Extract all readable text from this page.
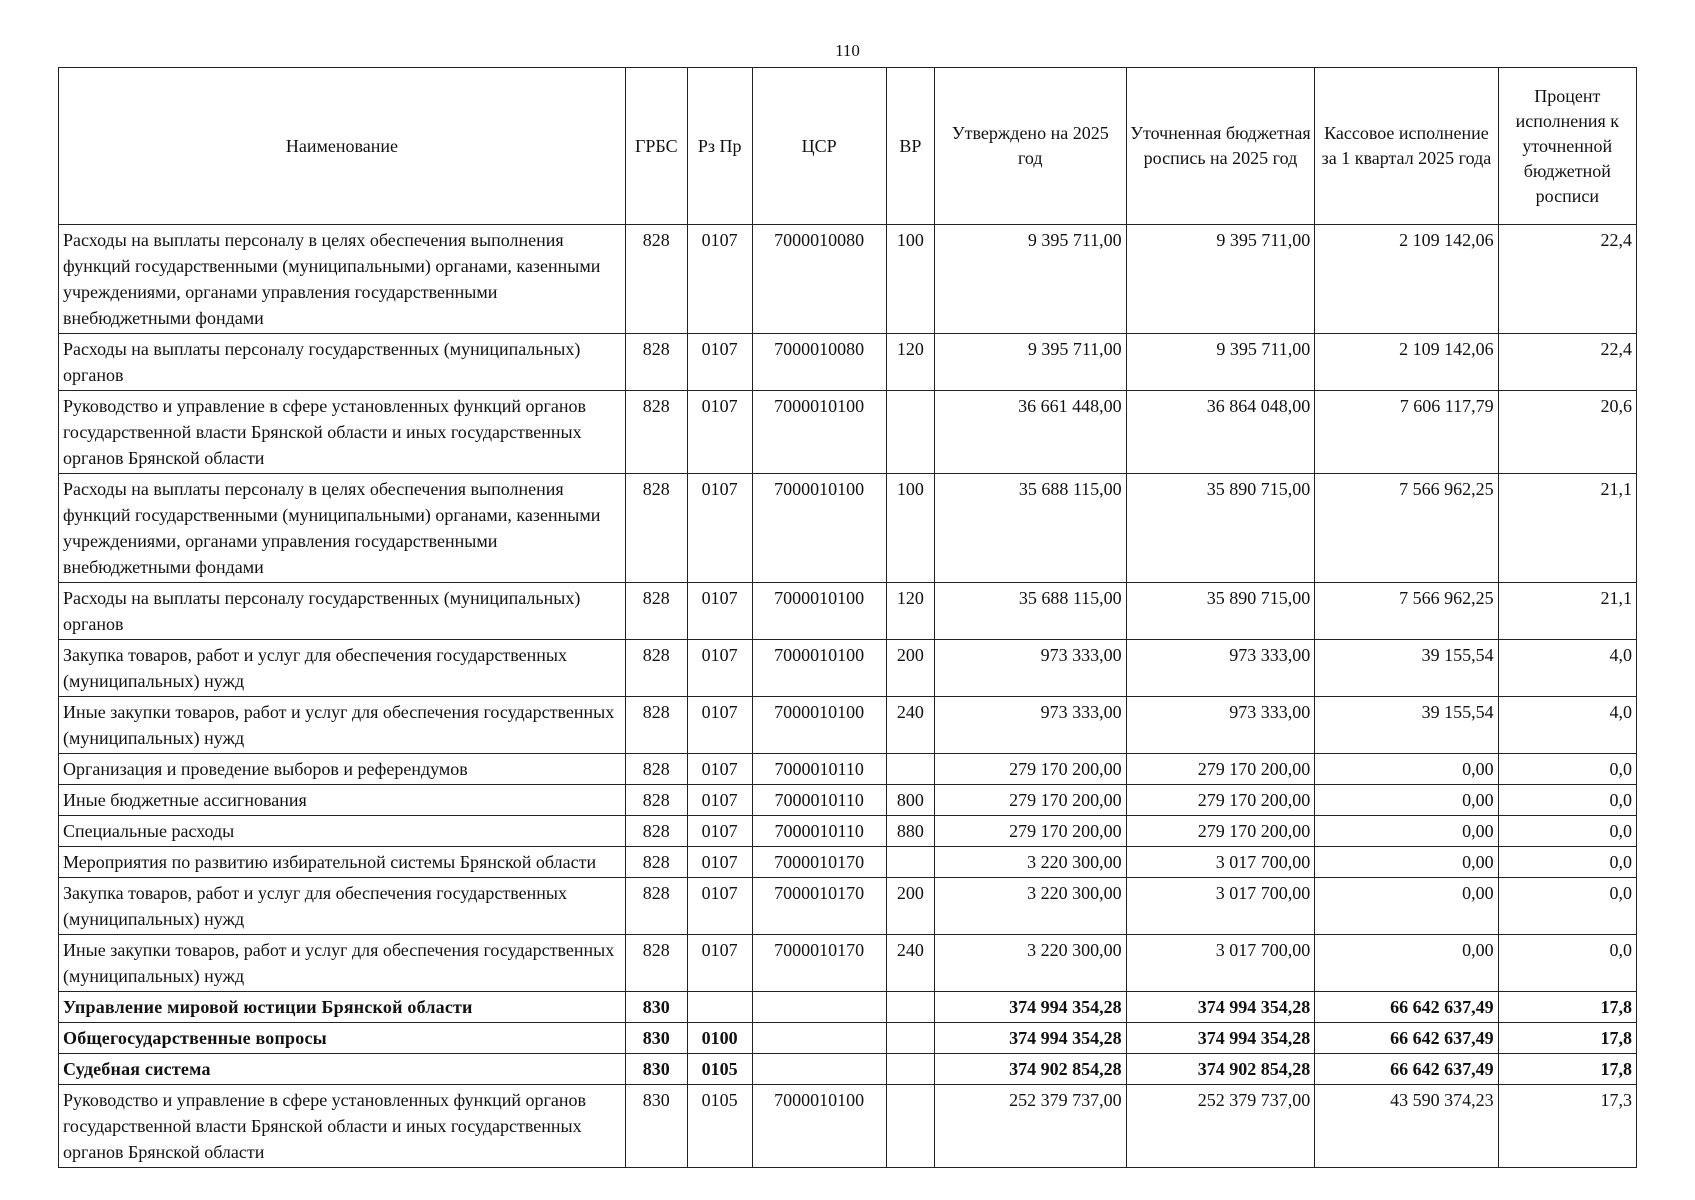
110
Наименование	ГРБС	Рз Пр	ЦСР	ВР	Утверждено на 2025 год	Уточненная бюджетная роспись на 2025 год	Кассовое исполнение за 1 квартал 2025 года	Процент исполнения к уточненной бюджетной росписи
Расходы на выплаты персоналу в целях обеспечения выполнения функций государственными (муниципальными) органами, казенными учреждениями, органами управления государственными внебюджетными фондами	828	0107	7000010080	100	9 395 711,00	9 395 711,00	2 109 142,06	22,4
Расходы на выплаты персоналу государственных (муниципальных) органов	828	0107	7000010080	120	9 395 711,00	9 395 711,00	2 109 142,06	22,4
Руководство и управление в сфере установленных функций органов государственной власти Брянской области и иных государственных органов Брянской области	828	0107	7000010100		36 661 448,00	36 864 048,00	7 606 117,79	20,6
Расходы на выплаты персоналу в целях обеспечения выполнения функций государственными (муниципальными) органами, казенными учреждениями, органами управления государственными внебюджетными фондами	828	0107	7000010100	100	35 688 115,00	35 890 715,00	7 566 962,25	21,1
Расходы на выплаты персоналу государственных (муниципальных) органов	828	0107	7000010100	120	35 688 115,00	35 890 715,00	7 566 962,25	21,1
Закупка товаров, работ и услуг для обеспечения государственных (муниципальных) нужд	828	0107	7000010100	200	973 333,00	973 333,00	39 155,54	4,0
Иные закупки товаров, работ и услуг для обеспечения государственных (муниципальных) нужд	828	0107	7000010100	240	973 333,00	973 333,00	39 155,54	4,0
Организация и проведение выборов и референдумов	828	0107	7000010110		279 170 200,00	279 170 200,00	0,00	0,0
Иные бюджетные ассигнования	828	0107	7000010110	800	279 170 200,00	279 170 200,00	0,00	0,0
Специальные расходы	828	0107	7000010110	880	279 170 200,00	279 170 200,00	0,00	0,0
Мероприятия по развитию избирательной системы Брянской области	828	0107	7000010170		3 220 300,00	3 017 700,00	0,00	0,0
Закупка товаров, работ и услуг для обеспечения государственных (муниципальных) нужд	828	0107	7000010170	200	3 220 300,00	3 017 700,00	0,00	0,0
Иные закупки товаров, работ и услуг для обеспечения государственных (муниципальных) нужд	828	0107	7000010170	240	3 220 300,00	3 017 700,00	0,00	0,0
Управление мировой юстиции Брянской области	830				374 994 354,28	374 994 354,28	66 642 637,49	17,8
Общегосударственные вопросы	830	0100			374 994 354,28	374 994 354,28	66 642 637,49	17,8
Судебная система	830	0105			374 902 854,28	374 902 854,28	66 642 637,49	17,8
Руководство и управление в сфере установленных функций органов государственной власти Брянской области и иных государственных органов Брянской области	830	0105	7000010100		252 379 737,00	252 379 737,00	43 590 374,23	17,3
